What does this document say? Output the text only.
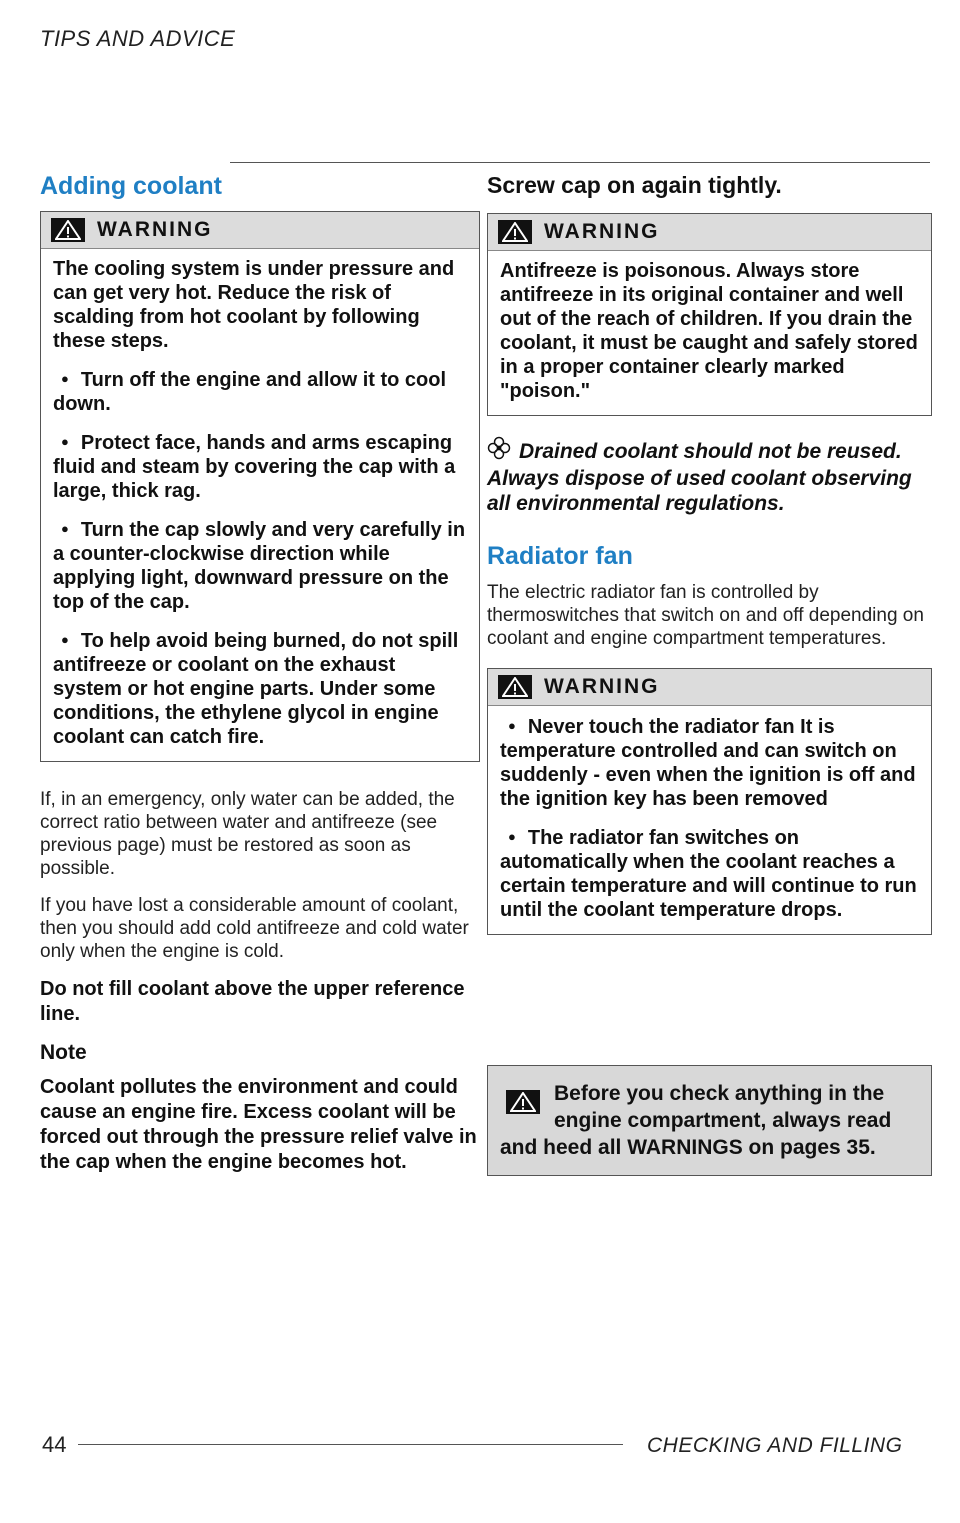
TIPS AND ADVICE
Adding coolant
WARNING

The cooling system is under pressure and can get very hot. Reduce the risk of scalding from hot coolant by following these steps.

● Turn off the engine and allow it to cool down.

● Protect face, hands and arms escaping fluid and steam by covering the cap with a large, thick rag.

● Turn the cap slowly and very carefully in a counter-clockwise direction while applying light, downward pressure on the top of the cap.

● To help avoid being burned, do not spill antifreeze or coolant on the exhaust system or hot engine parts. Under some conditions, the ethylene glycol in engine coolant can catch fire.

If, in an emergency, only water can be added, the correct ratio between water and antifreeze (see previous page) must be restored as soon as possible.

If you have lost a considerable amount of coolant, then you should add cold antifreeze and cold water only when the engine is cold.

Do not fill coolant above the upper reference line.

Note

Coolant pollutes the environment and could cause an engine fire. Excess coolant will be forced out through the pressure relief valve in the cap when the engine becomes hot.

Screw cap on again tightly.
WARNING

Antifreeze is poisonous. Always store antifreeze in its original container and well out of the reach of children. If you drain the coolant, it must be caught and safely stored in a proper container clearly marked "poison."

Drained coolant should not be reused. Always dispose of used coolant observing all environmental regulations.

Radiator fan

The electric radiator fan is controlled by thermoswitches that switch on and off depending on coolant and engine compartment temperatures.

WARNING

● Never touch the radiator fan It is temperature controlled and can switch on suddenly - even when the ignition is off and the ignition key has been removed

● The radiator fan switches on automatically when the coolant reaches a certain temperature and will continue to run until the coolant temperature drops.

Before you check anything in the engine compartment, always read and heed all WARNINGS on pages 35.

44	CHECKING AND FILLING
